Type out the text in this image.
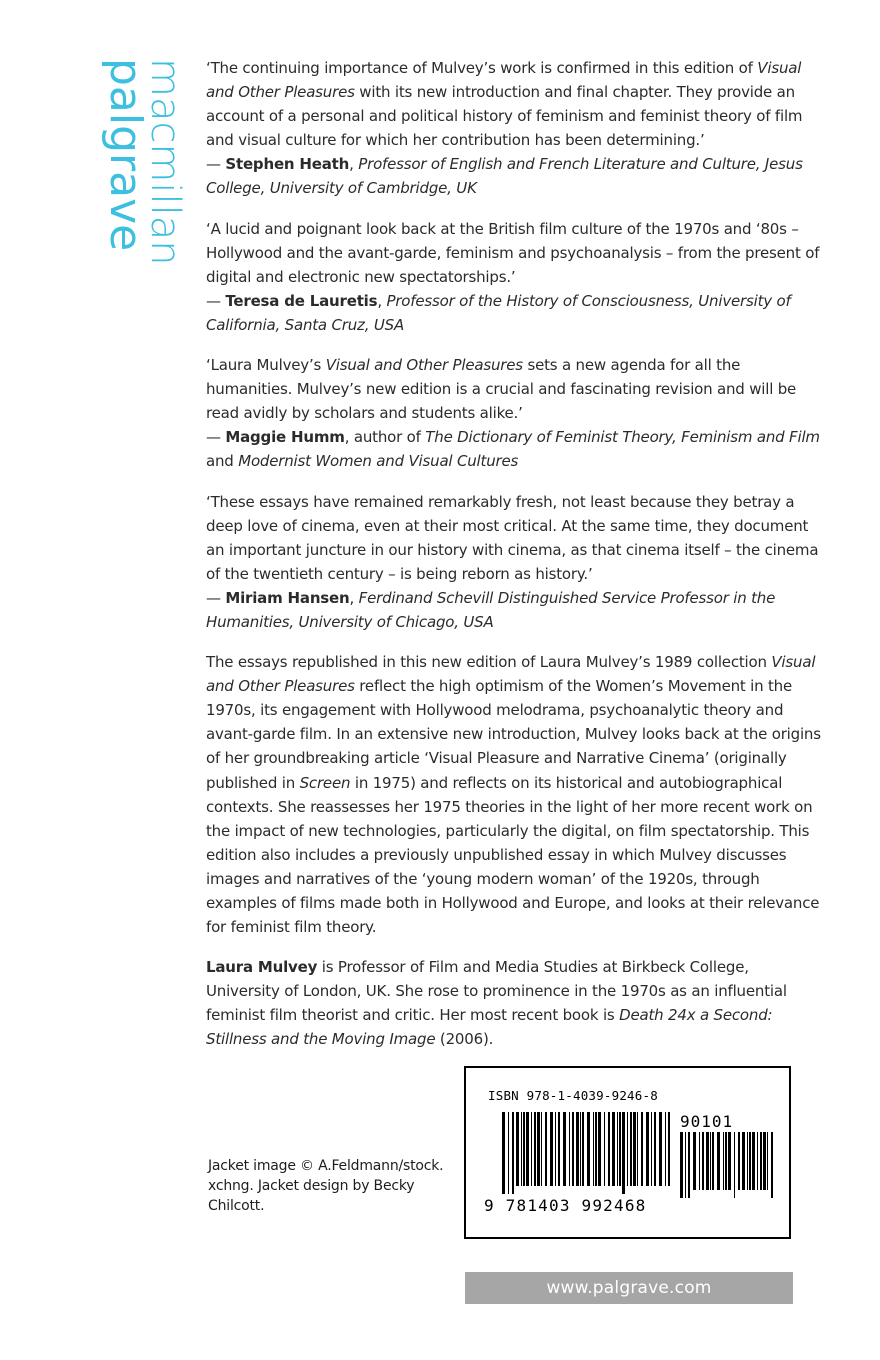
palgrave
macmillan ‘The continuing importance of Mulvey’s work is confirmed in this edition of Visual and Other Pleasures with its new introduction and final chapter. They provide an account of a personal and political history of feminism and feminist theory of film and visual culture for which her contribution has been determining.’
— Stephen Heath, Professor of English and French Literature and Culture, Jesus College, University of Cambridge, UK

‘A lucid and poignant look back at the British film culture of the 1970s and ‘80s – Hollywood and the avant-garde, feminism and psychoanalysis – from the present of digital and electronic new spectatorships.’
— Teresa de Lauretis, Professor of the History of Consciousness, University of California, Santa Cruz, USA

‘Laura Mulvey’s Visual and Other Pleasures sets a new agenda for all the humanities. Mulvey’s new edition is a crucial and fascinating revision and will be read avidly by scholars and students alike.’
— Maggie Humm, author of The Dictionary of Feminist Theory, Feminism and Film and Modernist Women and Visual Cultures

‘These essays have remained remarkably fresh, not least because they betray a deep love of cinema, even at their most critical. At the same time, they document an important juncture in our history with cinema, as that cinema itself – the cinema of the twentieth century – is being reborn as history.’
— Miriam Hansen, Ferdinand Schevill Distinguished Service Professor in the Humanities, University of Chicago, USA

The essays republished in this new edition of Laura Mulvey’s 1989 collection Visual and Other Pleasures reflect the high optimism of the Women’s Movement in the 1970s, its engagement with Hollywood melodrama, psychoanalytic theory and avant-garde film. In an extensive new introduction, Mulvey looks back at the origins of her groundbreaking article ‘Visual Pleasure and Narrative Cinema’ (originally published in Screen in 1975) and reflects on its historical and autobiographical contexts. She reassesses her 1975 theories in the light of her more recent work on the impact of new technologies, particularly the digital, on film spectatorship. This edition also includes a previously unpublished essay in which Mulvey discusses images and narratives of the ‘young modern woman’ of the 1920s, through examples of films made both in Hollywood and Europe, and looks at their relevance for feminist film theory.

Laura Mulvey is Professor of Film and Media Studies at Birkbeck College, University of London, UK. She rose to prominence in the 1970s as an influential feminist film theorist and critic. Her most recent book is Death 24x a Second: Stillness and the Moving Image (2006).

Jacket image © A.Feldmann/stock. xchng. Jacket design by Becky Chilcott.
ISBN 978-1-4039-9246-8
90101
9 781403 992468
www.palgrave.com
